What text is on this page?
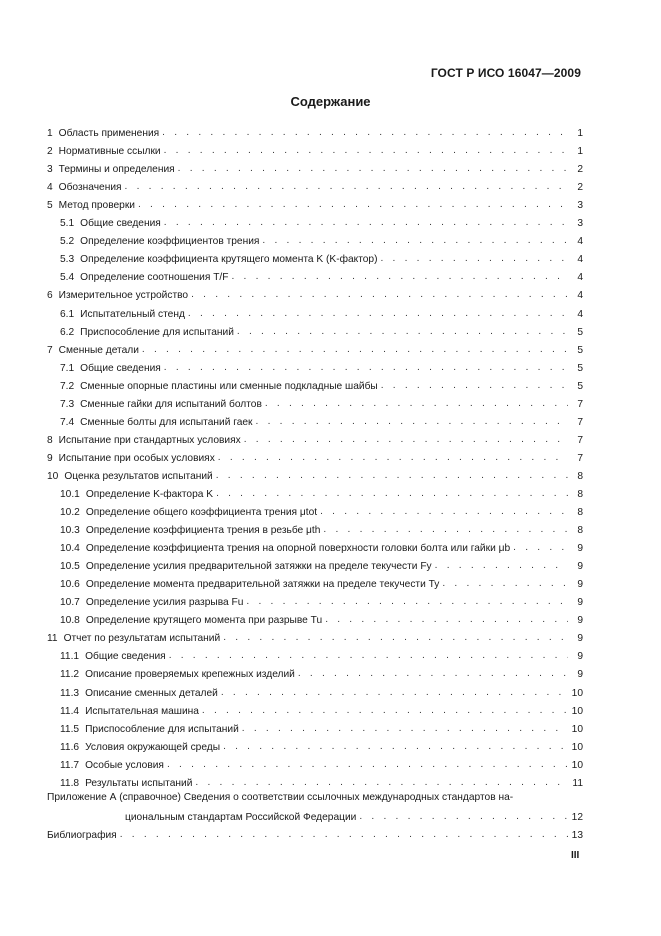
ГОСТ Р ИСО 16047—2009
Содержание
1 Область применения . . .	1
2 Нормативные ссылки . . .	1
3 Термины и определения . . .	2
4 Обозначения . . .	2
5 Метод проверки . . .	3
5.1 Общие сведения . . .	3
5.2 Определение коэффициентов трения . . .	4
5.3 Определение коэффициента крутящего момента K (K-фактор) . . .	4
5.4 Определение соотношения T/F . . .	4
6 Измерительное устройство . . .	4
6.1 Испытательный стенд . . .	4
6.2 Приспособление для испытаний . . .	5
7 Сменные детали . . .	5
7.1 Общие сведения . . .	5
7.2 Сменные опорные пластины или сменные подкладные шайбы . . .	5
7.3 Сменные гайки для испытаний болтов . . .	7
7.4 Сменные болты для испытаний гаек . . .	7
8 Испытание при стандартных условиях . . .	7
9 Испытание при особых условиях . . .	7
10 Оценка результатов испытаний . . .	8
10.1 Определение K-фактора K . . .	8
10.2 Определение общего коэффициента трения μtot . . .	8
10.3 Определение коэффициента трения в резьбе μth . . .	8
10.4 Определение коэффициента трения на опорной поверхности головки болта или гайки μb . . .	9
10.5 Определение усилия предварительной затяжки на пределе текучести Fy . . .	9
10.6 Определение момента предварительной затяжки на пределе текучести Ty . . .	9
10.7 Определение усилия разрыва Fu . . .	9
10.8 Определение крутящего момента при разрыве Tu . . .	9
11 Отчет по результатам испытаний . . .	9
11.1 Общие сведения . . .	9
11.2 Описание проверяемых крепежных изделий . . .	9
11.3 Описание сменных деталей . . .	10
11.4 Испытательная машина . . .	10
11.5 Приспособление для испытаний . . .	10
11.6 Условия окружающей среды . . .	10
11.7 Особые условия . . .	10
11.8 Результаты испытаний . . .	11
Приложение А (справочное) Сведения о соответствии ссылочных международных стандартов на-
циональным стандартам Российской Федерации . . .	12
Библиография . . .	13
III
